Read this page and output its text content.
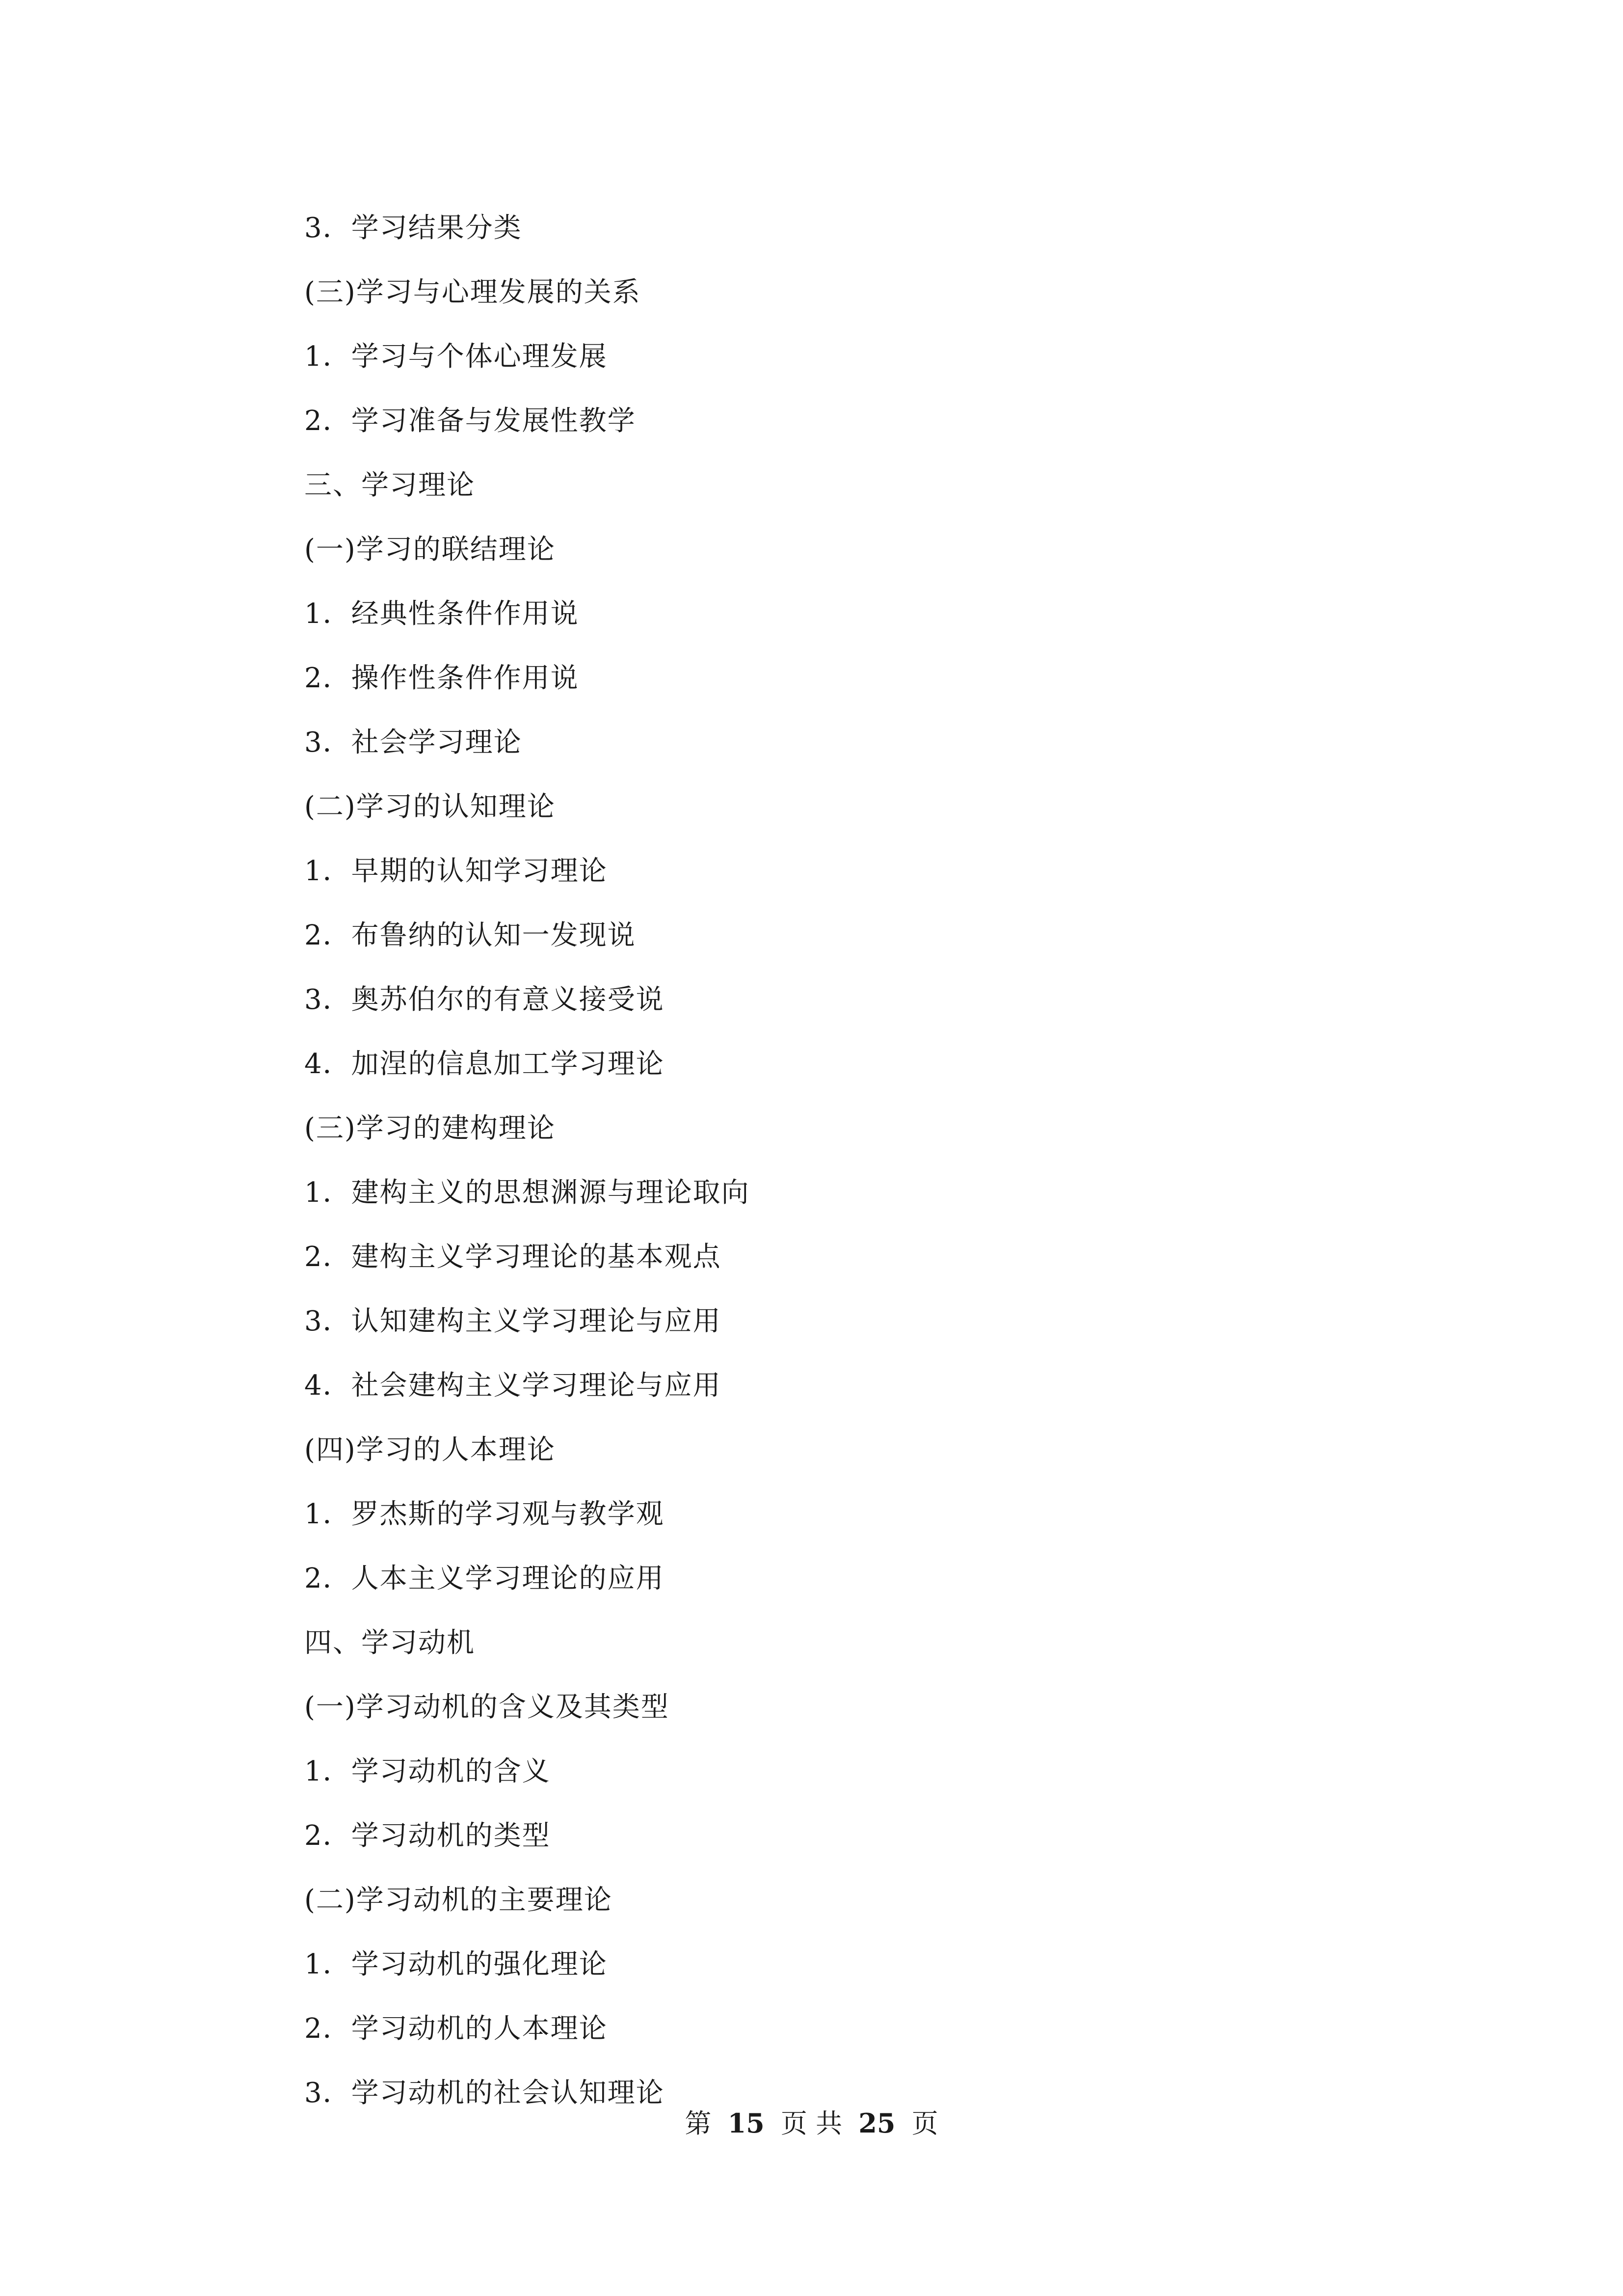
3．学习结果分类
(三)学习与心理发展的关系
1．学习与个体心理发展
2．学习准备与发展性教学
三、学习理论
(一)学习的联结理论
1．经典性条件作用说
2．操作性条件作用说
3．社会学习理论
(二)学习的认知理论
1．早期的认知学习理论
2．布鲁纳的认知一发现说
3．奥苏伯尔的有意义接受说
4．加涅的信息加工学习理论
(三)学习的建构理论
1．建构主义的思想渊源与理论取向
2．建构主义学习理论的基本观点
3．认知建构主义学习理论与应用
4．社会建构主义学习理论与应用
(四)学习的人本理论
1．罗杰斯的学习观与教学观
2．人本主义学习理论的应用
四、学习动机
(一)学习动机的含义及其类型
1．学习动机的含义
2．学习动机的类型
(二)学习动机的主要理论
1．学习动机的强化理论
2．学习动机的人本理论
3．学习动机的社会认知理论
第 15 页 共 25 页
